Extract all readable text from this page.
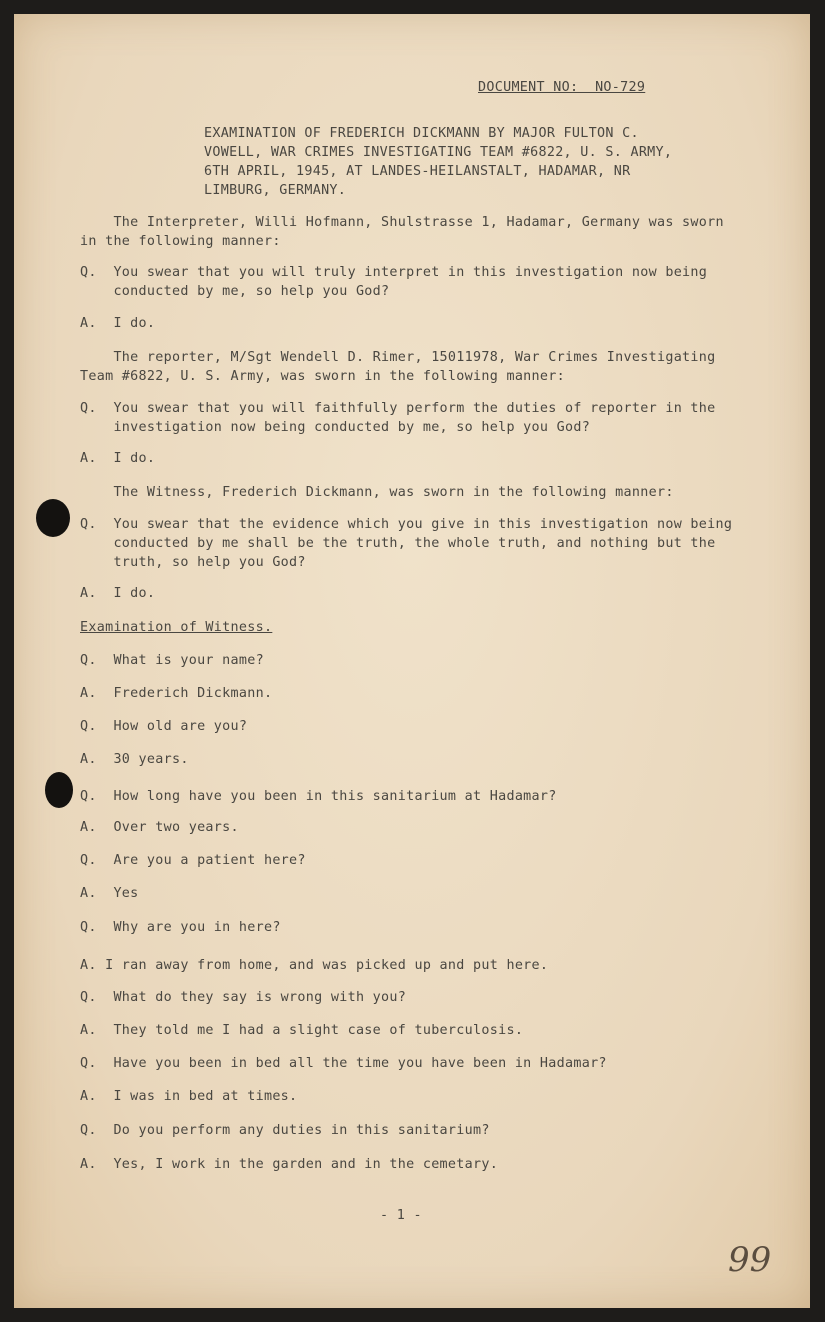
DOCUMENT NO:  NO-729
EXAMINATION OF FREDERICH DICKMANN BY MAJOR FULTON C.
VOWELL, WAR CRIMES INVESTIGATING TEAM #6822, U. S. ARMY,
6TH APRIL, 1945, AT LANDES-HEILANSTALT, HADAMAR, NR
LIMBURG, GERMANY.
The Interpreter, Willi Hofmann, Shulstrasse 1, Hadamar, Germany was sworn
in the following manner:
Q.  You swear that you will truly interpret in this investigation now being
conducted by me, so help you God?
A.  I do.
The reporter, M/Sgt Wendell D. Rimer, 15011978, War Crimes Investigating
Team #6822, U. S. Army, was sworn in the following manner:
Q.  You swear that you will faithfully perform the duties of reporter in the
investigation now being conducted by me, so help you God?
A.  I do.
The Witness, Frederich Dickmann, was sworn in the following manner:
Q.  You swear that the evidence which you give in this investigation now being
conducted by me shall be the truth, the whole truth, and nothing but the
truth, so help you God?
A.  I do.
Examination of Witness.
Q.  What is your name?
A.  Frederich Dickmann.
Q.  How old are you?
A.  30 years.
Q.  How long have you been in this sanitarium at Hadamar?
A.  Over two years.
Q.  Are you a patient here?
A.  Yes
Q.  Why are you in here?
A. I ran away from home, and was picked up and put here.
Q.  What do they say is wrong with you?
A.  They told me I had a slight case of tuberculosis.
Q.  Have you been in bed all the time you have been in Hadamar?
A.  I was in bed at times.
Q.  Do you perform any duties in this sanitarium?
A.  Yes, I work in the garden and in the cemetary.
- 1 -
99
